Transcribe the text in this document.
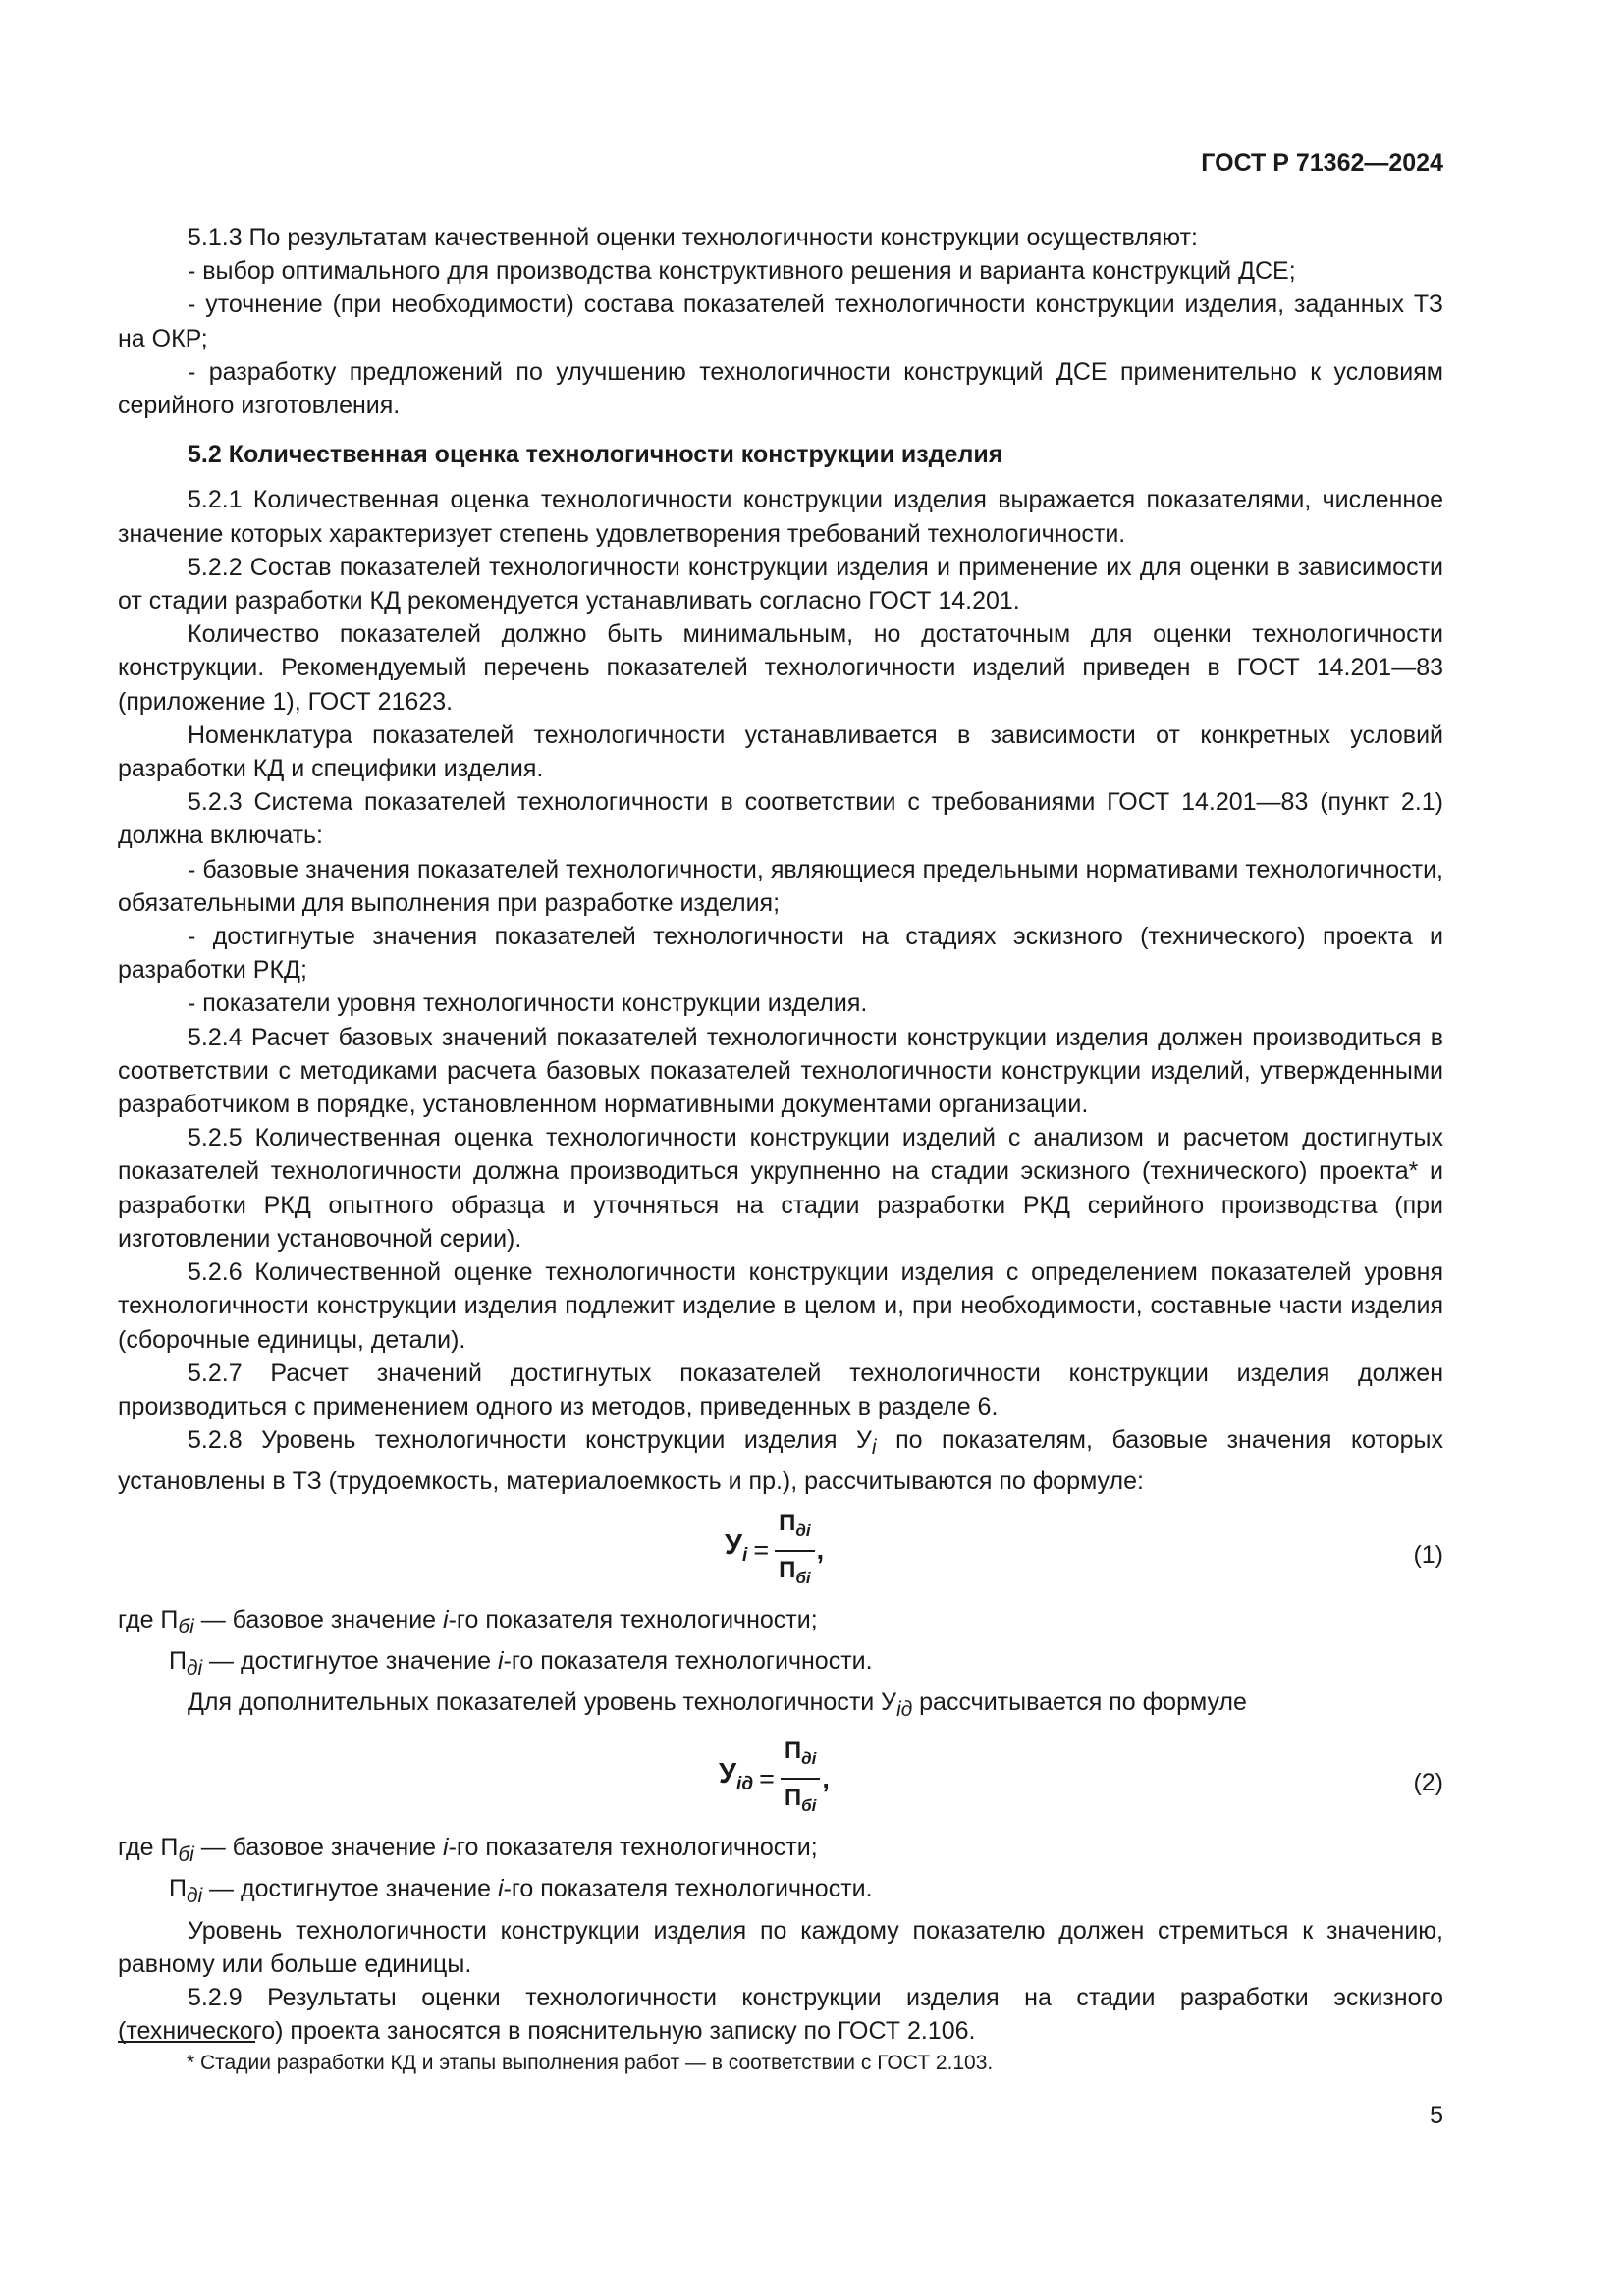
ГОСТ Р 71362—2024

5.1.3 По результатам качественной оценки технологичности конструкции осуществляют:

- выбор оптимального для производства конструктивного решения и варианта конструкций ДСЕ;

- уточнение (при необходимости) состава показателей технологичности конструкции изделия, заданных ТЗ на ОКР;

- разработку предложений по улучшению технологичности конструкций ДСЕ применительно к условиям серийного изготовления.

5.2 Количественная оценка технологичности конструкции изделия

5.2.1 Количественная оценка технологичности конструкции изделия выражается показателями, численное значение которых характеризует степень удовлетворения требований технологичности.

5.2.2 Состав показателей технологичности конструкции изделия и применение их для оценки в зависимости от стадии разработки КД рекомендуется устанавливать согласно ГОСТ 14.201.

Количество показателей должно быть минимальным, но достаточным для оценки технологичности конструкции. Рекомендуемый перечень показателей технологичности изделий приведен в ГОСТ 14.201—83 (приложение 1), ГОСТ 21623.

Номенклатура показателей технологичности устанавливается в зависимости от конкретных условий разработки КД и специфики изделия.

5.2.3 Система показателей технологичности в соответствии с требованиями ГОСТ 14.201—83 (пункт 2.1) должна включать:

- базовые значения показателей технологичности, являющиеся предельными нормативами технологичности, обязательными для выполнения при разработке изделия;

- достигнутые значения показателей технологичности на стадиях эскизного (технического) проекта и разработки РКД;

- показатели уровня технологичности конструкции изделия.

5.2.4 Расчет базовых значений показателей технологичности конструкции изделия должен производиться в соответствии с методиками расчета базовых показателей технологичности конструкции изделий, утвержденными разработчиком в порядке, установленном нормативными документами организации.

5.2.5 Количественная оценка технологичности конструкции изделий с анализом и расчетом достигнутых показателей технологичности должна производиться укрупненно на стадии эскизного (технического) проекта* и разработки РКД опытного образца и уточняться на стадии разработки РКД серийного производства (при изготовлении установочной серии).

5.2.6 Количественной оценке технологичности конструкции изделия с определением показателей уровня технологичности конструкции изделия подлежит изделие в целом и, при необходимости, составные части изделия (сборочные единицы, детали).

5.2.7 Расчет значений достигнутых показателей технологичности конструкции изделия должен производиться с применением одного из методов, приведенных в разделе 6.

5.2.8 Уровень технологичности конструкции изделия $У_i$ по показателям, базовые значения которых установлены в ТЗ (трудоемкость, материалоемкость и пр.), рассчитываются по формуле:

$У_i = \frac{П_{дi}}{П_{бi}}$ ,	(1)

где $П_{бi}$ — базовое значение i-го показателя технологичности;

$П_{дi}$ — достигнутое значение i-го показателя технологичности.

Для дополнительных показателей уровень технологичности $У_{iд}$ рассчитывается по формуле

$У_{iд} = \frac{П_{дi}}{П_{бi}}$ ,	(2)

где $П_{бi}$ — базовое значение i-го показателя технологичности;

$П_{дi}$ — достигнутое значение i-го показателя технологичности.

Уровень технологичности конструкции изделия по каждому показателю должен стремиться к значению, равному или больше единицы.

5.2.9 Результаты оценки технологичности конструкции изделия на стадии разработки эскизного (технического) проекта заносятся в пояснительную записку по ГОСТ 2.106.

* Стадии разработки КД и этапы выполнения работ — в соответствии с ГОСТ 2.103.
5
